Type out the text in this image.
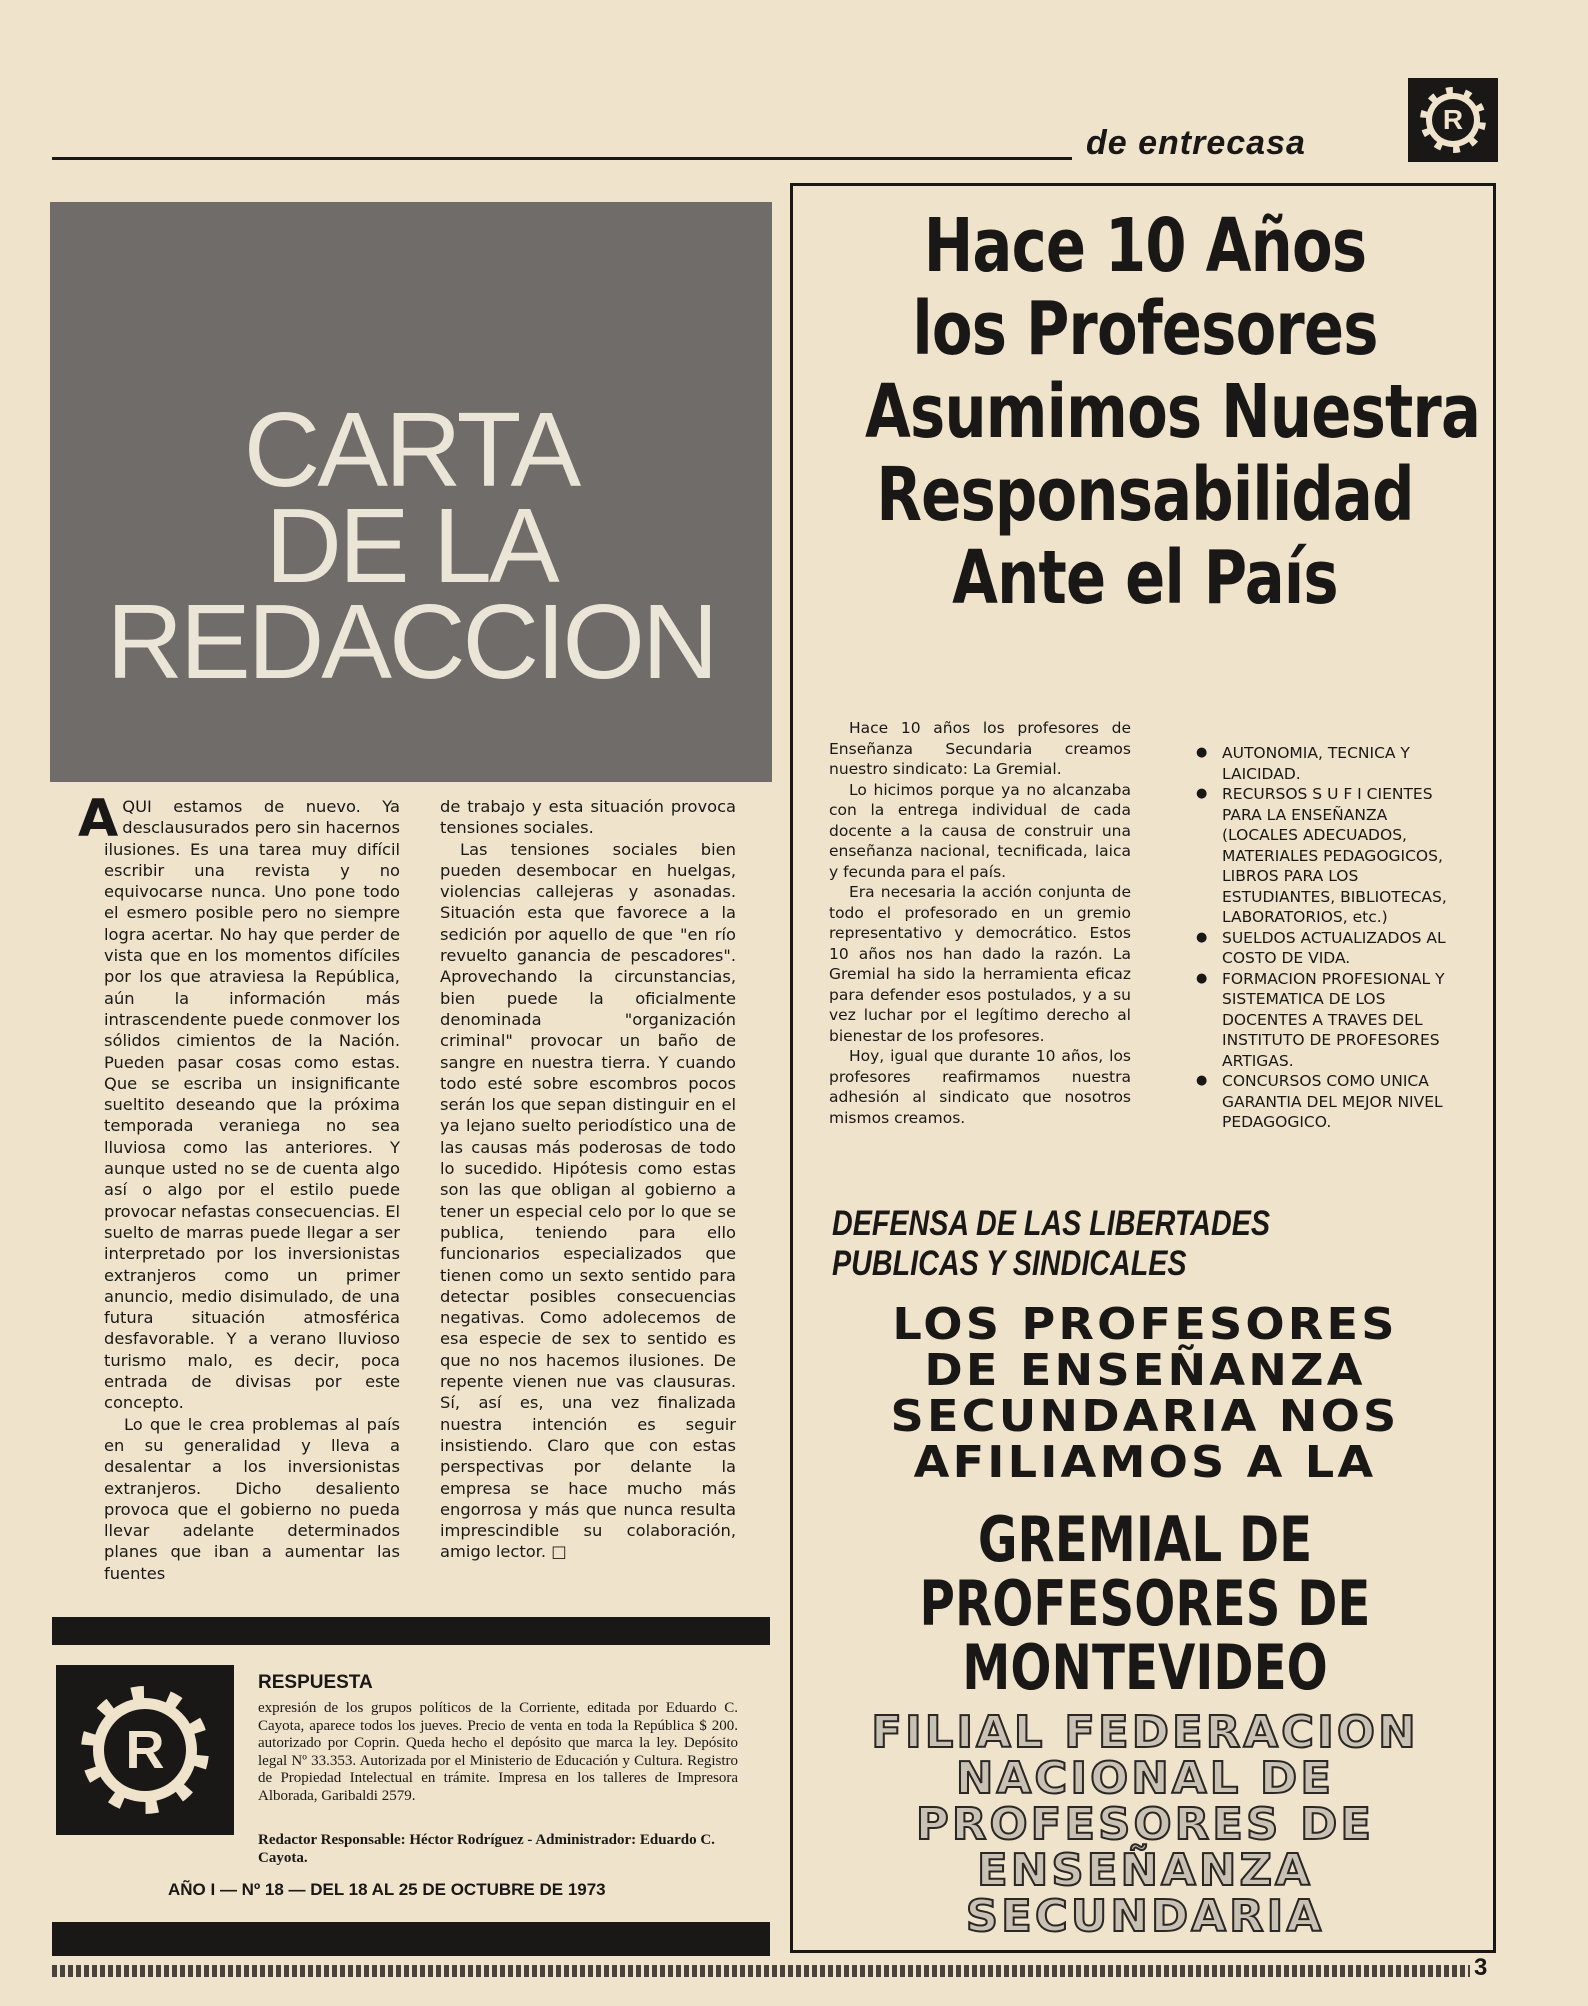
de entrecasa
R
CARTA
DE LA
REDACCION

AQUI estamos de nuevo. Ya desclausurados pero sin hacernos ilusiones. Es una tarea muy difícil escribir una revista y no equivocarse nunca. Uno pone todo el esmero posible pero no siempre logra acertar. No hay que perder de vista que en los momentos difíciles por los que atraviesa la República, aún la información más intrascendente puede conmover los sólidos cimientos de la Nación. Pueden pasar cosas como estas. Que se escriba un insignificante sueltito deseando que la próxima temporada veraniega no sea lluviosa como las anteriores. Y aunque usted no se de cuenta algo así o algo por el estilo puede provocar nefastas consecuencias. El suelto de marras puede llegar a ser interpretado por los inversionistas extranjeros como un primer anuncio, medio disimulado, de una futura situación atmosférica desfavorable. Y a verano lluvioso turismo malo, es decir, poca entrada de divisas por este concepto.

Lo que le crea problemas al país en su generalidad y lleva a desalentar a los inversionistas extranjeros. Dicho desaliento provoca que el gobierno no pueda llevar adelante determinados planes que iban a aumentar las fuentes

de trabajo y esta situación provoca tensiones sociales.

Las tensiones sociales bien pueden desembocar en huelgas, violencias callejeras y asonadas. Situación esta que favorece a la sedición por aquello de que "en río revuelto ganancia de pescadores". Aprovechando la circunstancias, bien puede la oficialmente denominada "organización criminal" provocar un baño de sangre en nuestra tierra. Y cuando todo esté sobre escombros pocos serán los que sepan distinguir en el ya lejano suelto periodístico una de las causas más poderosas de todo lo sucedido. Hipótesis como estas son las que obligan al gobierno a tener un especial celo por lo que se publica, teniendo para ello funcionarios especializados que tienen como un sexto sentido para detectar posibles consecuencias negativas. Como adolecemos de esa especie de sex to sentido es que no nos hacemos ilusiones. De repente vienen nue vas clausuras. Sí, así es, una vez finalizada nuestra intención es seguir insistiendo. Claro que con estas perspectivas por delante la empresa se hace mucho más engorrosa y más que nunca resulta imprescindible su colaboración, amigo lector. □

R
RESPUESTA
expresión de los grupos políticos de la Corriente, editada por Eduardo C. Cayota, aparece todos los jueves. Precio de venta en toda la República $ 200. autorizado por Coprin. Queda hecho el depósito que marca la ley. Depósito legal Nº 33.353. Autorizada por el Ministerio de Educación y Cultura. Registro de Propiedad Intelectual en trámite. Impresa en los talleres de Impresora Alborada, Garibaldi 2579.
Redactor Responsable: Héctor Rodríguez - Administrador: Eduardo C. Cayota.
AÑO I — Nº 18 — DEL 18 AL 25 DE OCTUBRE DE 1973
Hace 10 Años
los Profesores
Asumimos Nuestra
Responsabilidad
Ante el País

Hace 10 años los profesores de Enseñanza Secundaria creamos nuestro sindicato: La Gremial.

Lo hicimos porque ya no alcanzaba con la entrega individual de cada docente a la causa de construir una enseñanza nacional, tecnificada, laica y fecunda para el país.

Era necesaria la acción conjunta de todo el profesorado en un gremio representativo y democrático. Estos 10 años nos han dado la razón. La Gremial ha sido la herramienta eficaz para defender esos postulados, y a su vez luchar por el legítimo derecho al bienestar de los profesores.

Hoy, igual que durante 10 años, los profesores reafirmamos nuestra adhesión al sindicato que nosotros mismos creamos.

● AUTONOMIA, TECNICA Y LAICIDAD.
● RECURSOS S U F I CIENTES PARA LA ENSEÑANZA (LOCALES ADECUADOS, MATERIALES PEDAGOGICOS, LIBROS PARA LOS ESTUDIANTES, BIBLIOTECAS, LABORATORIOS, etc.)
● SUELDOS ACTUALIZADOS AL COSTO DE VIDA.
● FORMACION PROFESIONAL Y SISTEMATICA DE LOS DOCENTES A TRAVES DEL INSTITUTO DE PROFESORES ARTIGAS.
● CONCURSOS COMO UNICA GARANTIA DEL MEJOR NIVEL PEDAGOGICO.
DEFENSA DE LAS LIBERTADES
PUBLICAS Y SINDICALES
LOS PROFESORES
DE ENSEÑANZA
SECUNDARIA NOS
AFILIAMOS A LA
GREMIAL DE
PROFESORES DE
MONTEVIDEO
FILIAL FEDERACION
NACIONAL DE
PROFESORES DE
ENSEÑANZA
SECUNDARIA
3
